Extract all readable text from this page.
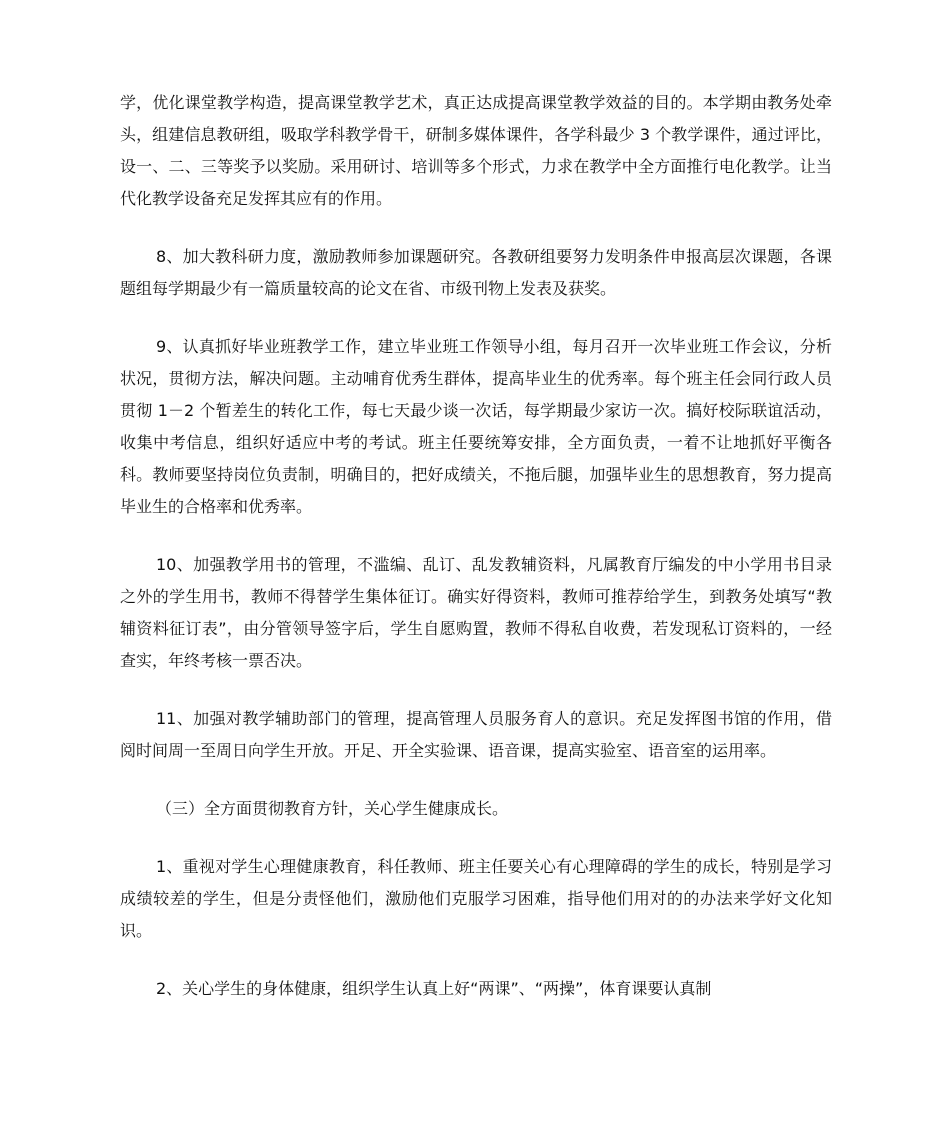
学，优化课堂教学构造，提高课堂教学艺术，真正达成提高课堂教学效益的目的。本学期由教务处牵头，组建信息教研组，吸取学科教学骨干，研制多媒体课件，各学科最少 3 个教学课件，通过评比，设一、二、三等奖予以奖励。采用研讨、培训等多个形式，力求在教学中全方面推行电化教学。让当代化教学设备充足发挥其应有的作用。

8、加大教科研力度，激励教师参加课题研究。各教研组要努力发明条件申报高层次课题，各课题组每学期最少有一篇质量较高的论文在省、市级刊物上发表及获奖。

9、认真抓好毕业班教学工作，建立毕业班工作领导小组，每月召开一次毕业班工作会议，分析状况，贯彻方法，解决问题。主动哺育优秀生群体，提高毕业生的优秀率。每个班主任会同行政人员贯彻 1－2 个暂差生的转化工作，每七天最少谈一次话，每学期最少家访一次。搞好校际联谊活动，收集中考信息，组织好适应中考的考试。班主任要统筹安排，全方面负责，一着不让地抓好平衡各科。教师要坚持岗位负责制，明确目的，把好成绩关，不拖后腿，加强毕业生的思想教育，努力提高毕业生的合格率和优秀率。

10、加强教学用书的管理，不滥编、乱订、乱发教辅资料，凡属教育厅编发的中小学用书目录之外的学生用书，教师不得替学生集体征订。确实好得资料，教师可推荐给学生，到教务处填写“教辅资料征订表”，由分管领导签字后，学生自愿购置，教师不得私自收费，若发现私订资料的，一经查实，年终考核一票否决。

11、加强对教学辅助部门的管理，提高管理人员服务育人的意识。充足发挥图书馆的作用，借阅时间周一至周日向学生开放。开足、开全实验课、语音课，提高实验室、语音室的运用率。

（三）全方面贯彻教育方针，关心学生健康成长。

1、重视对学生心理健康教育，科任教师、班主任要关心有心理障碍的学生的成长，特别是学习成绩较差的学生，但是分责怪他们，激励他们克服学习困难，指导他们用对的的办法来学好文化知识。

2、关心学生的身体健康，组织学生认真上好“两课”、“两操”，体育课要认真制
